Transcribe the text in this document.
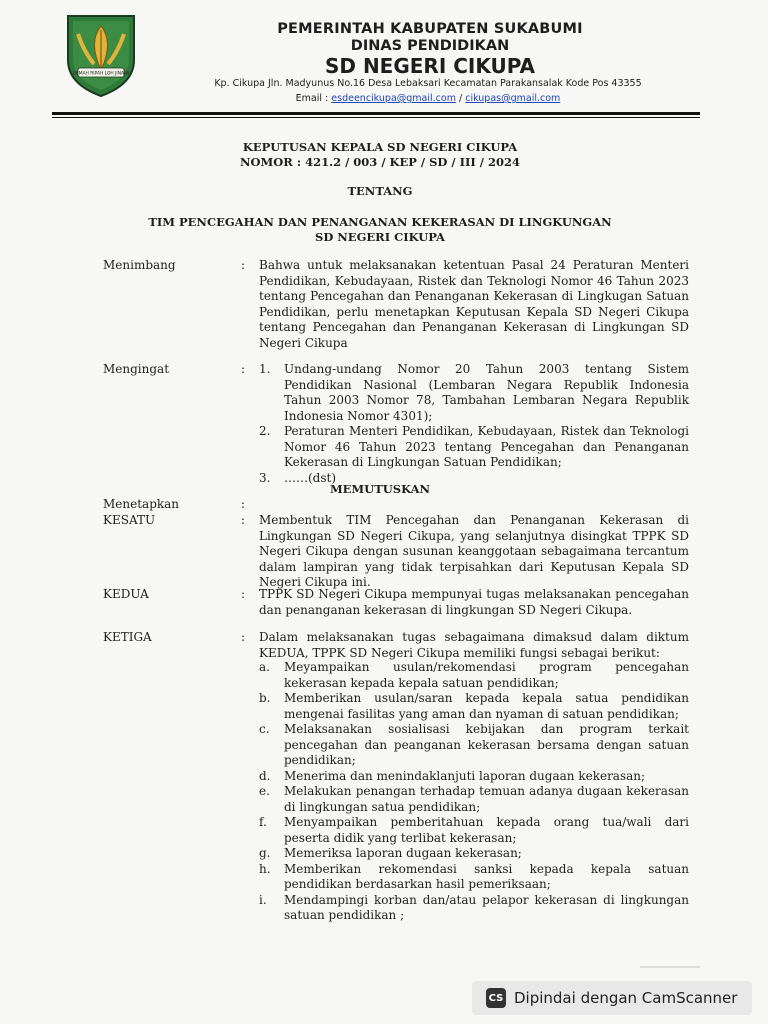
GEMAH RIPAH LOH JINAWI
PEMERINTAH KABUPATEN SUKABUMI
DINAS PENDIDIKAN
SD NEGERI CIKUPA
Kp. Cikupa Jln. Madyunus No.16 Desa Lebaksari Kecamatan Parakansalak Kode Pos 43355
Email : esdeencikupa@gmail.com / cikupas@gmail.com
KEPUTUSAN KEPALA SD NEGERI CIKUPA
NOMOR : 421.2 / 003 / KEP / SD / III / 2024
TENTANG
TIM PENCEGAHAN DAN PENANGANAN KEKERASAN DI LINGKUNGAN
SD NEGERI CIKUPA
Menimbang	: Bahwa untuk melaksanakan ketentuan Pasal 24 Peraturan Menteri Pendidikan, Kebudayaan, Ristek dan Teknologi Nomor 46 Tahun 2023 tentang Pencegahan dan Penanganan Kekerasan di Lingkugan Satuan Pendidikan, perlu menetapkan Keputusan Kepala SD Negeri Cikupa tentang Pencegahan dan Penanganan Kekerasan di Lingkungan SD Negeri Cikupa
Mengingat	: 1.	Undang-undang Nomor 20 Tahun 2003 tentang Sistem Pendidikan Nasional (Lembaran Negara Republik Indonesia Tahun 2003 Nomor 78, Tambahan Lembaran Negara Republik Indonesia Nomor 4301);
2.	Peraturan Menteri Pendidikan, Kebudayaan, Ristek dan Teknologi Nomor 46 Tahun 2023 tentang Pencegahan dan Penanganan Kekerasan di Lingkungan Satuan Pendidikan;
3.	……(dst)
MEMUTUSKAN
Menetapkan	:
KESATU	: Membentuk TIM Pencegahan dan Penanganan Kekerasan di Lingkungan SD Negeri Cikupa, yang selanjutnya disingkat TPPK SD Negeri Cikupa dengan susunan keanggotaan sebagaimana tercantum dalam lampiran yang tidak terpisahkan dari Keputusan Kepala SD Negeri Cikupa ini.
KEDUA	: TPPK SD Negeri Cikupa mempunyai tugas melaksanakan pencegahan dan penanganan kekerasan di lingkungan SD Negeri Cikupa.
KETIGA	: Dalam melaksanakan tugas sebagaimana dimaksud dalam diktum KEDUA, TPPK SD Negeri Cikupa memiliki fungsi sebagai berikut:
a.	Meyampaikan usulan/rekomendasi program pencegahan kekerasan kepada kepala satuan pendidikan;
b.	Memberikan usulan/saran kepada kepala satua pendidikan mengenai fasilitas yang aman dan nyaman di satuan pendidikan;
c.	Melaksanakan sosialisasi kebijakan dan program terkait pencegahan dan peanganan kekerasan bersama dengan satuan pendidikan;
d.	Menerima dan menindaklanjuti laporan dugaan kekerasan;
e.	Melakukan penangan terhadap temuan adanya dugaan kekerasan di lingkungan satua pendidikan;
f.	Menyampaikan pemberitahuan kepada orang tua/wali dari peserta didik yang terlibat kekerasan;
g.	Memeriksa laporan dugaan kekerasan;
h.	Memberikan rekomendasi sanksi kepada kepala satuan pendidikan berdasarkan hasil pemeriksaan;
i.	Mendampingi korban dan/atau pelapor kekerasan di lingkungan satuan pendidikan ;
CS Dipindai dengan CamScanner
